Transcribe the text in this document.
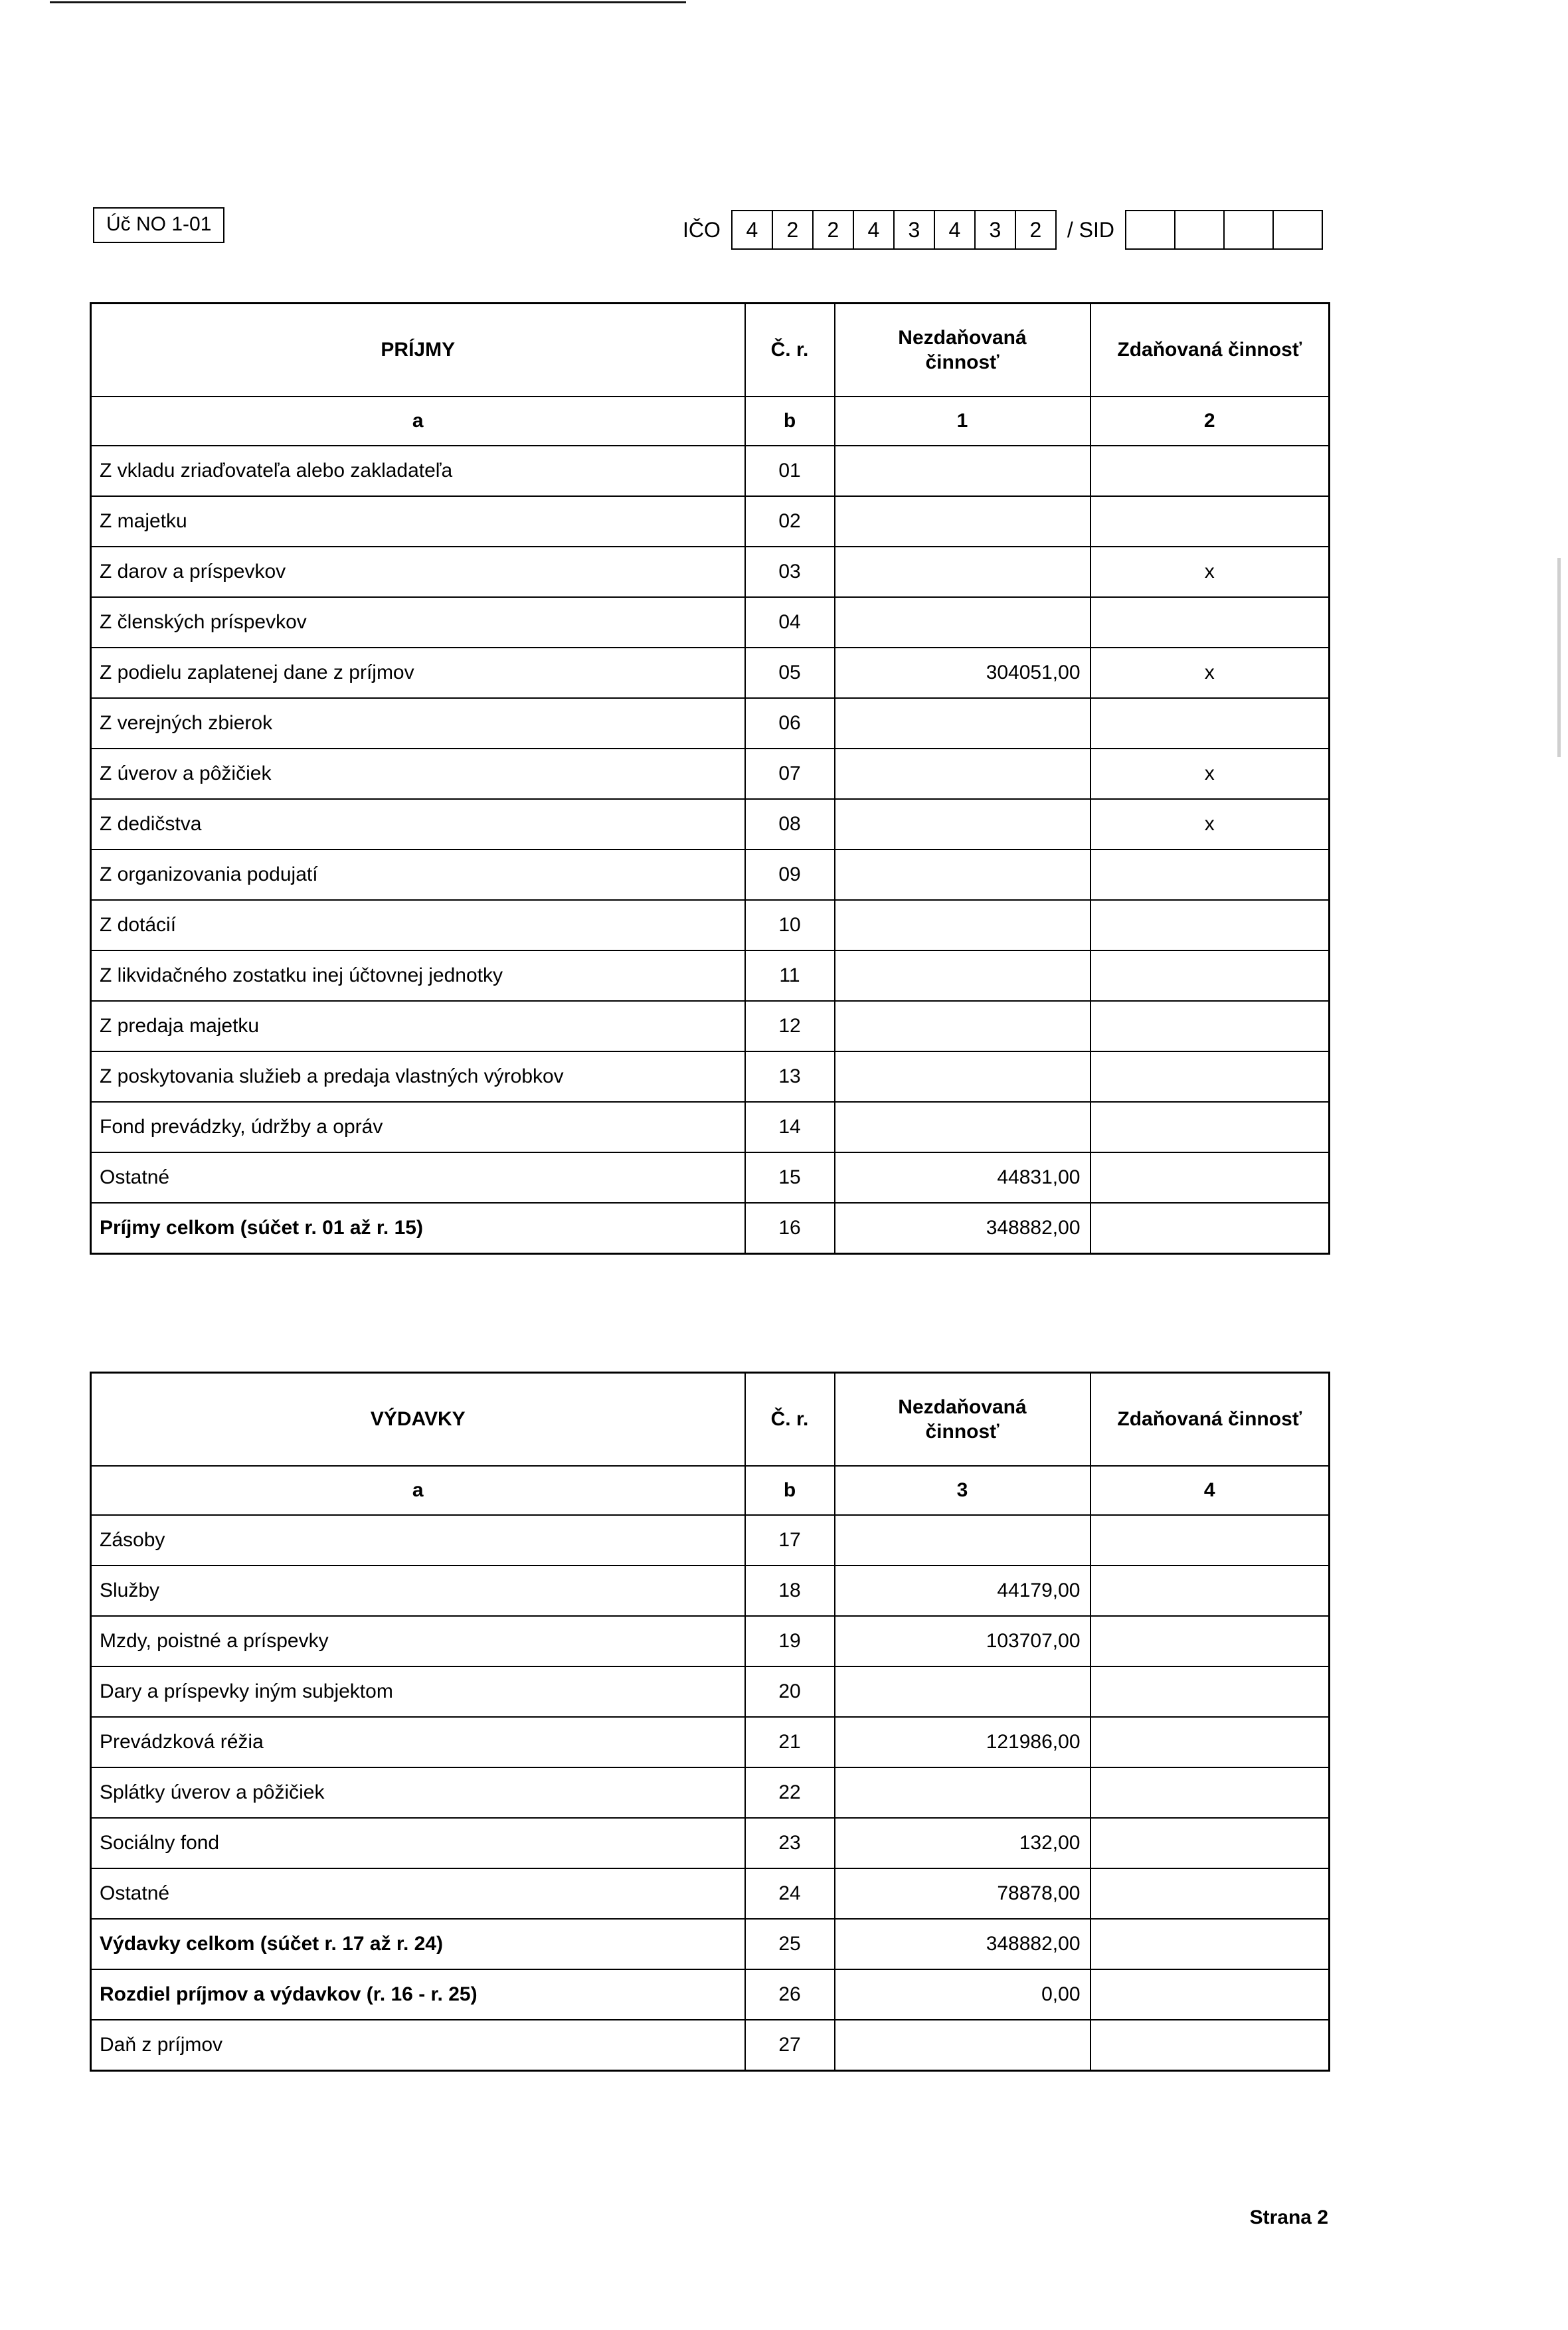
Úč NO 1-01	IČO	4	2	2	4	3	4	3	2	/ SID
PRÍJMY	Č. r.	Nezdaňovaná činnosť	Zdaňovaná činnosť
a	b	1	2
Z vkladu zriaďovateľa alebo zakladateľa	01		
Z majetku	02		
Z darov a príspevkov	03		x
Z členských príspevkov	04		
Z podielu zaplatenej dane z príjmov	05	304051,00	x
Z verejných zbierok	06		
Z úverov a pôžičiek	07		x
Z dedičstva	08		x
Z organizovania podujatí	09		
Z dotácií	10		
Z likvidačného zostatku inej účtovnej jednotky	11		
Z predaja majetku	12		
Z poskytovania služieb a predaja vlastných výrobkov	13		
Fond prevádzky, údržby a opráv	14		
Ostatné	15	44831,00	
Príjmy celkom (súčet r. 01 až r. 15)	16	348882,00	
VÝDAVKY	Č. r.	Nezdaňovaná činnosť	Zdaňovaná činnosť
a	b	3	4
Zásoby	17		
Služby	18	44179,00	
Mzdy, poistné a príspevky	19	103707,00	
Dary a príspevky iným subjektom	20		
Prevádzková réžia	21	121986,00	
Splátky úverov a pôžičiek	22		
Sociálny fond	23	132,00	
Ostatné	24	78878,00	
Výdavky celkom (súčet r. 17 až r. 24)	25	348882,00	
Rozdiel príjmov a výdavkov (r. 16 - r. 25)	26	0,00	
Daň z príjmov	27		
Strana 2
